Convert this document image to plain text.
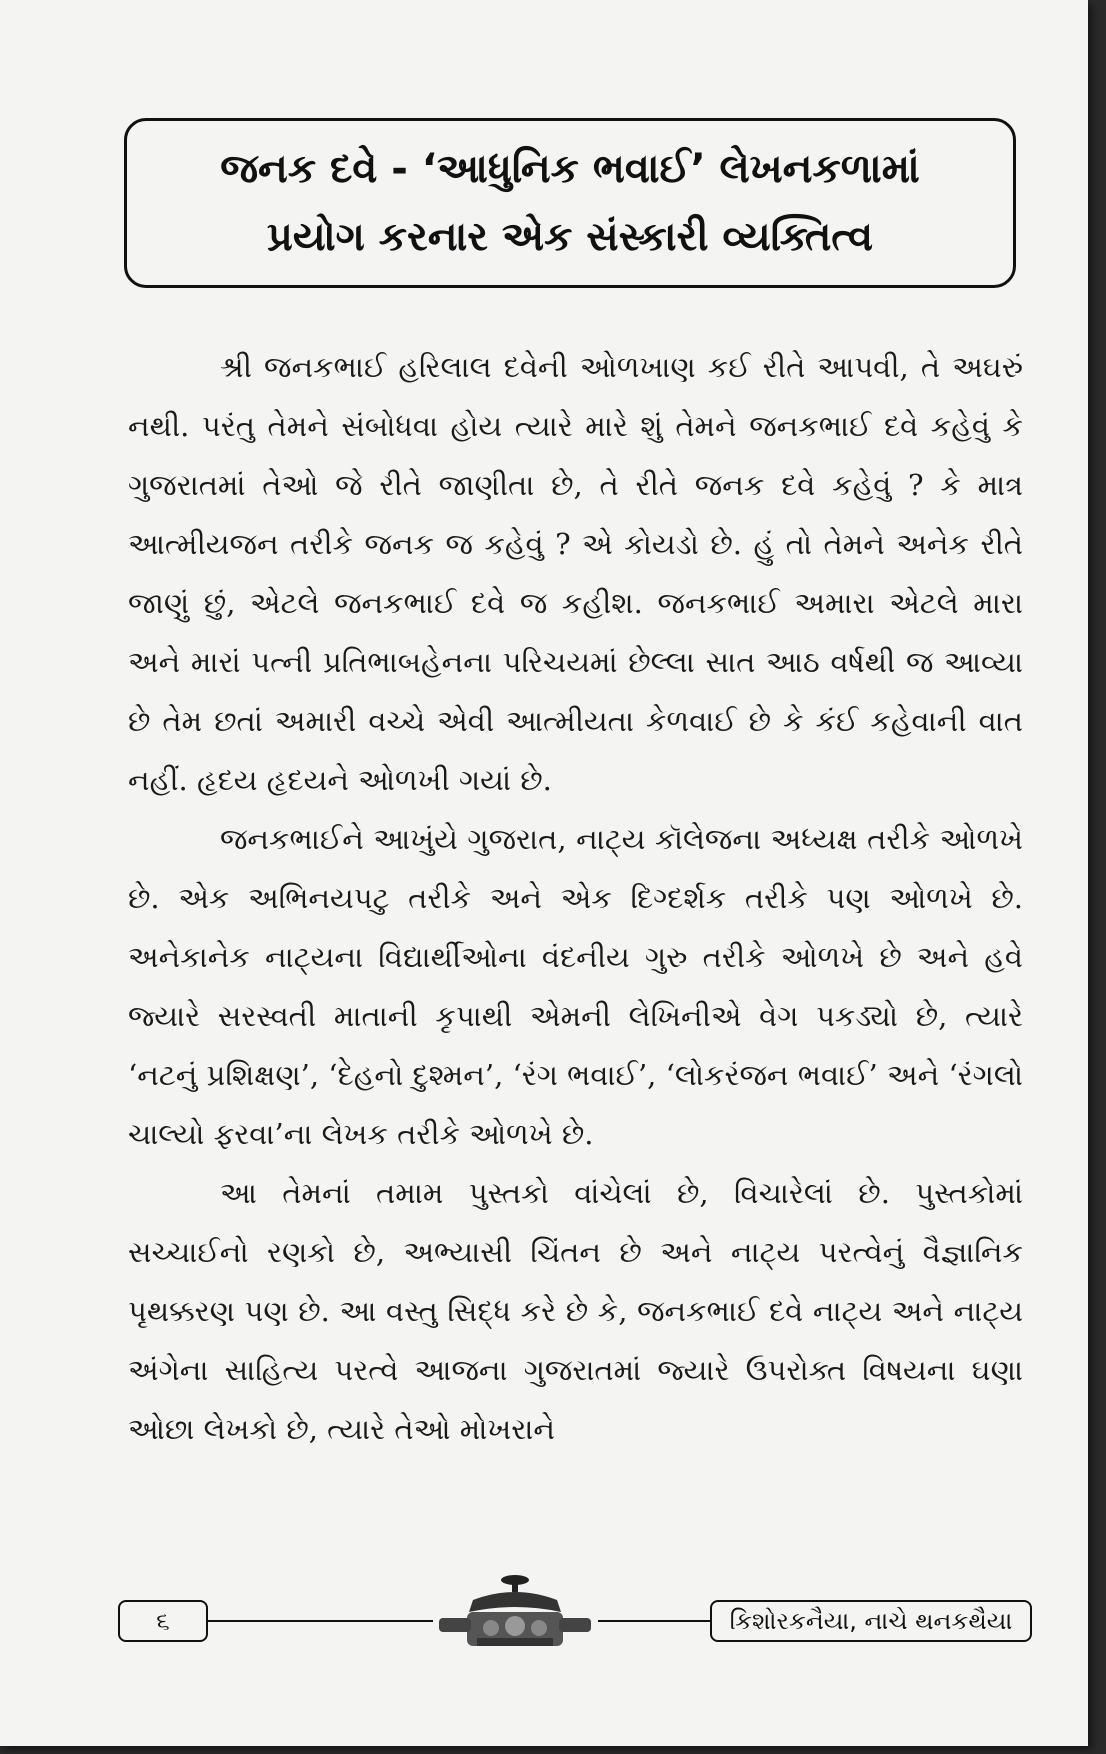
જનક દવે - ‘આધુનિક ભવાઈ’ લેખનકળામાં
પ્રયોગ કરનાર એક સંસ્કારી વ્યક્તિત્વ

શ્રી જનકભાઈ હરિલાલ દવેની ઓળખાણ કઈ રીતે આપવી, તે અઘરું નથી. પરંતુ તેમને સંબોધવા હોય ત્યારે મારે શું તેમને જનકભાઈ દવે કહેવું કે ગુજરાતમાં તેઓ જે રીતે જાણીતા છે, તે રીતે જનક દવે કહેવું ? કે માત્ર આત્મીયજન તરીકે જનક જ કહેવું ? એ કોયડો છે. હું તો તેમને અનેક રીતે જાણું છું, એટલે જનકભાઈ દવે જ કહીશ. જનકભાઈ અમારા એટલે મારા અને મારાં પત્ની પ્રતિભાબહેનના પરિચયમાં છેલ્લા સાત આઠ વર્ષથી જ આવ્યા છે તેમ છતાં અમારી વચ્ચે એવી આત્મીયતા કેળવાઈ છે કે કંઈ કહેવાની વાત નહીં. હૃદય હૃદયને ઓળખી ગયાં છે.

જનકભાઈને આખુંયે ગુજરાત, નાટ્ય કૉલેજના અધ્યક્ષ તરીકે ઓળખે છે. એક અભિનયપટુ તરીકે અને એક દિગ્દર્શક તરીકે પણ ઓળખે છે. અનેકાનેક નાટ્યના વિદ્યાર્થીઓના વંદનીય ગુરુ તરીકે ઓળખે છે અને હવે જ્યારે સરસ્વતી માતાની કૃપાથી એમની લેખિનીએ વેગ પકડ્યો છે, ત્યારે ‘નટનું પ્રશિક્ષણ’, ‘દેહનો દુશ્મન’, ‘રંગ ભવાઈ’, ‘લોકરંજન ભવાઈ’ અને ‘રંગલો ચાલ્યો ફરવા’ના લેખક તરીકે ઓળખે છે.

આ તેમનાં તમામ પુસ્તકો વાંચેલાં છે, વિચારેલાં છે. પુસ્તકોમાં સચ્ચાઈનો રણકો છે, અભ્યાસી ચિંતન છે અને નાટ્ય પરત્વેનું વૈજ્ઞાનિક પૃથક્કરણ પણ છે. આ વસ્તુ સિદ્ધ કરે છે કે, જનકભાઈ દવે નાટ્ય અને નાટ્ય અંગેના સાહિત્ય પરત્વે આજના ગુજરાતમાં જ્યારે ઉપરોક્ત વિષયના ઘણા ઓછા લેખકો છે, ત્યારે તેઓ મોખરાને

૬	કિશોરકનૈયા, નાચે થનકથૈયા
